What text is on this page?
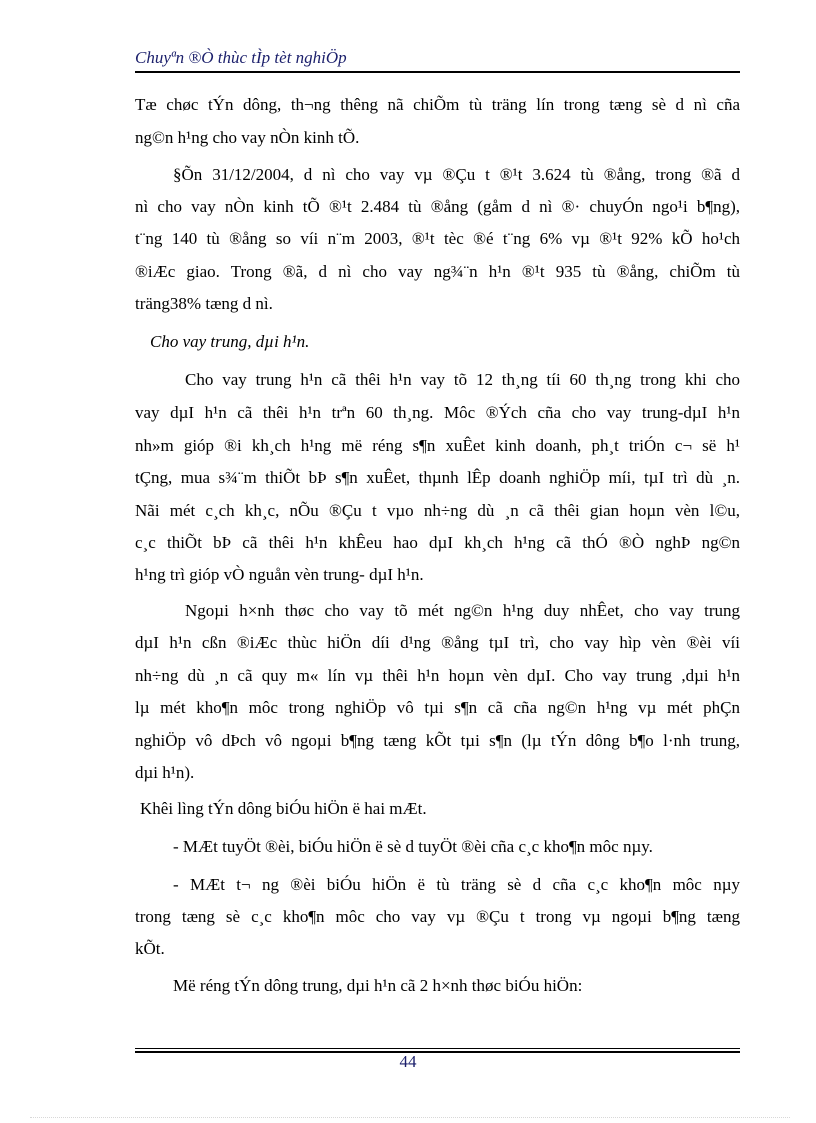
Chuyªn ®Ò thùc tÌp tèt nghiÖp
Tæ chøc tÝn dông, th¬ng thêng nã chiÕm tù träng lín trong tæng sè d nì cña
ng©n h¹ng cho vay nÒn kinh tÕ.
§Õn 31/12/2004, d nì cho vay vµ ®Çu t ®¹t 3.624 tù ®ång, trong ®ã d
nì cho vay nÒn kinh tÕ ®¹t 2.484 tù ®ång (gåm d nì ®· chuyÓn ngo¹i b¶ng),
t¨ng 140 tù ®ång so víi n¨m 2003, ®¹t tèc ®é t¨ng 6% vµ ®¹t 92% kÕ ho¹ch
®iÆc giao. Trong ®ã, d nì cho vay ng¾¨n h¹n ®¹t 935 tù ®ång, chiÕm tù
träng38% tæng d nì.
Cho vay trung, dµi h¹n.
Cho vay trung h¹n cã thêi h¹n vay tõ 12 th¸ng tíi 60 th¸ng trong khi cho
vay dµI h¹n cã thêi h¹n trªn 60 th¸ng. Môc ®Ých cña cho vay trung-dµI h¹n
nh»m gióp ®i kh¸ch h¹ng më réng s¶n xuÊet kinh doanh, ph¸t triÓn c¬ së h¹
tÇng, mua s¾¨m thiÕt bÞ s¶n xuÊet, thµnh lÊp doanh nghiÖp míi, tµI trì dù ¸n.
Nãi mét c¸ch kh¸c, nÕu ®Çu t vµo nh÷ng dù ¸n cã thêi gian hoµn vèn l©u,
c¸c thiÕt bÞ cã thêi h¹n khÊeu hao dµI kh¸ch h¹ng cã thÓ ®Ò nghÞ ng©n
h¹ng trì gióp vÒ nguån vèn trung- dµI h¹n.
Ngoµi h×nh thøc cho vay tõ mét ng©n h¹ng duy nhÊet, cho vay trung
dµI h¹n cßn ®iÆc thùc hiÖn díi d¹ng ®ång tµI trì, cho vay hìp vèn ®èi víi
nh÷ng dù ¸n cã quy m« lín vµ thêi h¹n hoµn vèn dµI. Cho vay trung ,dµi h¹n
lµ mét kho¶n môc trong nghiÖp vô tµi s¶n cã cña ng©n h¹ng vµ mét phÇn
nghiÖp vô dÞch vô ngoµi b¶ng tæng kÕt tµi s¶n (lµ tÝn dông b¶o l·nh trung,
dµi h¹n).
Khêi lìng tÝn dông biÓu hiÖn ë hai mÆt.
- MÆt tuyÖt ®èi, biÓu hiÖn ë sè d tuyÖt ®èi cña c¸c kho¶n môc nµy.
- MÆt t¬ ng ®èi biÓu hiÖn ë tù träng sè d cña c¸c kho¶n môc nµy
trong tæng sè c¸c kho¶n môc cho vay vµ ®Çu t trong vµ ngoµi b¶ng tæng
kÕt.
Më réng tÝn dông trung, dµi h¹n cã 2 h×nh thøc biÓu hiÖn:
44
